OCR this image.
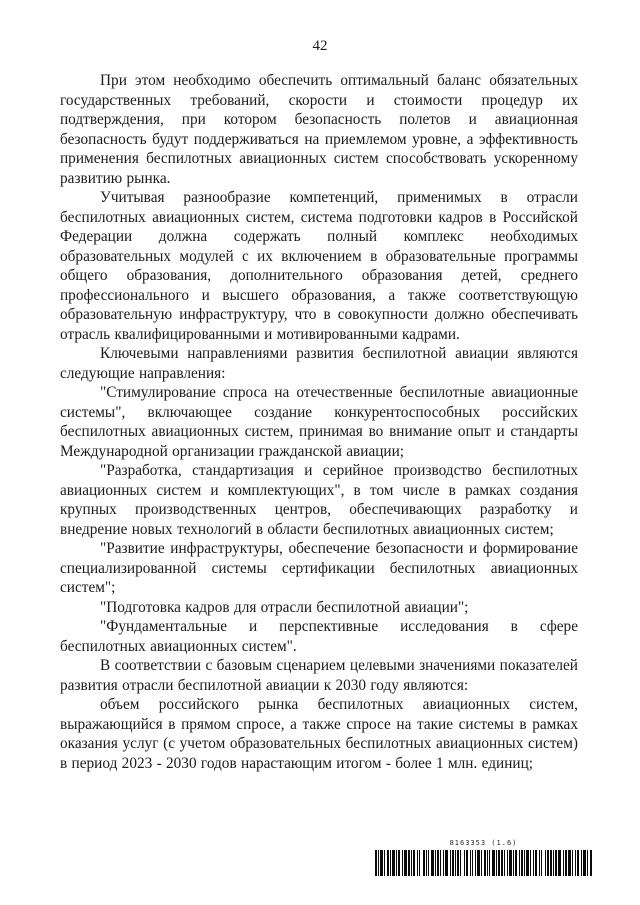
42

При этом необходимо обеспечить оптимальный баланс обязательных государственных требований, скорости и стоимости процедур их подтверждения, при котором безопасность полетов и авиационная безопасность будут поддерживаться на приемлемом уровне, а эффективность применения беспилотных авиационных систем способствовать ускоренному развитию рынка.

Учитывая разнообразие компетенций, применимых в отрасли беспилотных авиационных систем, система подготовки кадров в Российской Федерации должна содержать полный комплекс необходимых образовательных модулей с их включением в образовательные программы общего образования, дополнительного образования детей, среднего профессионального и высшего образования, а также соответствующую образовательную инфраструктуру, что в совокупности должно обеспечивать отрасль квалифицированными и мотивированными кадрами.

Ключевыми направлениями развития беспилотной авиации являются следующие направления:

"Стимулирование спроса на отечественные беспилотные авиационные системы", включающее создание конкурентоспособных российских беспилотных авиационных систем, принимая во внимание опыт и стандарты Международной организации гражданской авиации;

"Разработка, стандартизация и серийное производство беспилотных авиационных систем и комплектующих", в том числе в рамках создания крупных производственных центров, обеспечивающих разработку и внедрение новых технологий в области беспилотных авиационных систем;

"Развитие инфраструктуры, обеспечение безопасности и формирование специализированной системы сертификации беспилотных авиационных систем";

"Подготовка кадров для отрасли беспилотной авиации";

"Фундаментальные и перспективные исследования в сфере беспилотных авиационных систем".

В соответствии с базовым сценарием целевыми значениями показателей развития отрасли беспилотной авиации к 2030 году являются:

объем российского рынка беспилотных авиационных систем, выражающийся в прямом спросе, а также спросе на такие системы в рамках оказания услуг (с учетом образовательных беспилотных авиационных систем) в период 2023 - 2030 годов нарастающим итогом - более 1 млн. единиц;

8163353 (1.6)
